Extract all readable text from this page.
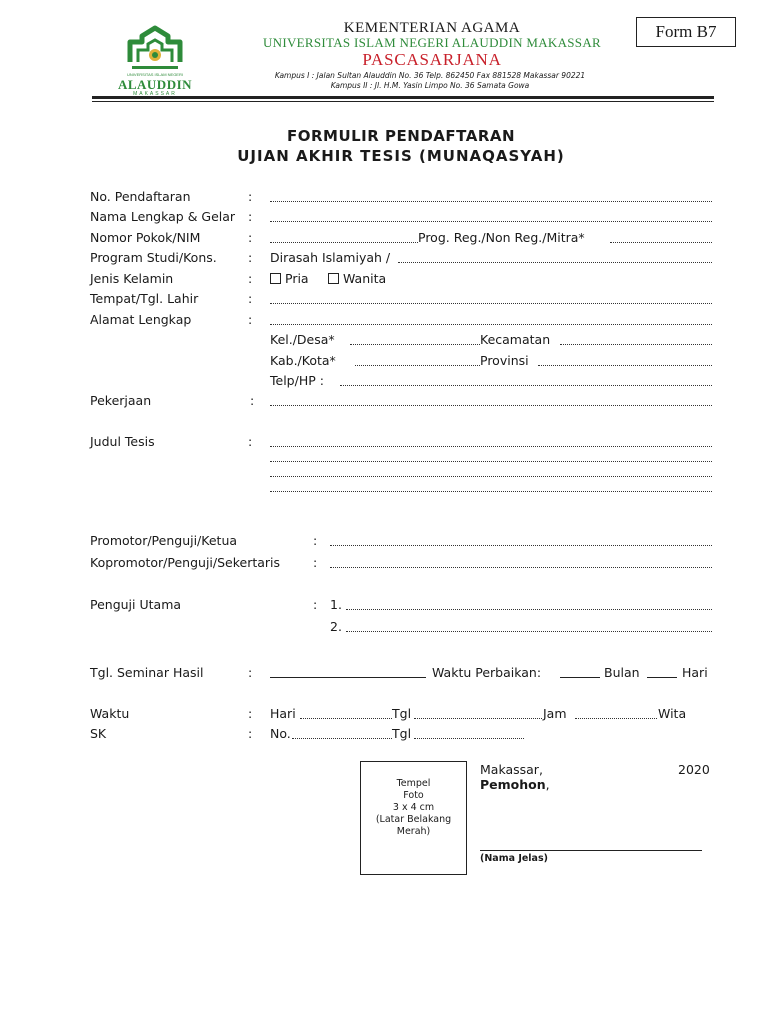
UNIVERSITAS ISLAM NEGERI
ALAUDDIN
MAKASSAR
KEMENTERIAN AGAMA
UNIVERSITAS ISLAM NEGERI ALAUDDIN MAKASSAR
PASCASARJANA
Kampus I : Jalan Sultan Alauddin No. 36 Telp. 862450 Fax 881528 Makassar 90221
Kampus II : Jl. H.M. Yasin Limpo No. 36 Samata Gowa
Form B7
FORMULIR PENDAFTARAN
UJIAN AKHIR TESIS (MUNAQASYAH)
No. Pendaftaran	:
Nama Lengkap & Gelar :
Nomor Pokok/NIM	:	Prog. Reg./Non Reg./Mitra*
Program Studi/Kons.	: Dirasah Islamiyah /
Jenis Kelamin	:	Pria	Wanita
Tempat/Tgl. Lahir	:
Alamat Lengkap	:
Kel./Desa*	Kecamatan
Kab./Kota*	Provinsi
Telp/HP :
Pekerjaan	:
Judul Tesis	:
Promotor/Penguji/Ketua	:
Kopromotor/Penguji/Sekertaris	:
Penguji Utama	: 1.
2.
Tgl. Seminar Hasil	:	Waktu Perbaikan:	Bulan	Hari
Waktu	: Hari	Tgl	Jam	Wita
SK	: No.	Tgl
Tempel
Foto
3 x 4 cm
(Latar Belakang
Merah)
Makassar,	2020
Pemohon,
(Nama Jelas)
